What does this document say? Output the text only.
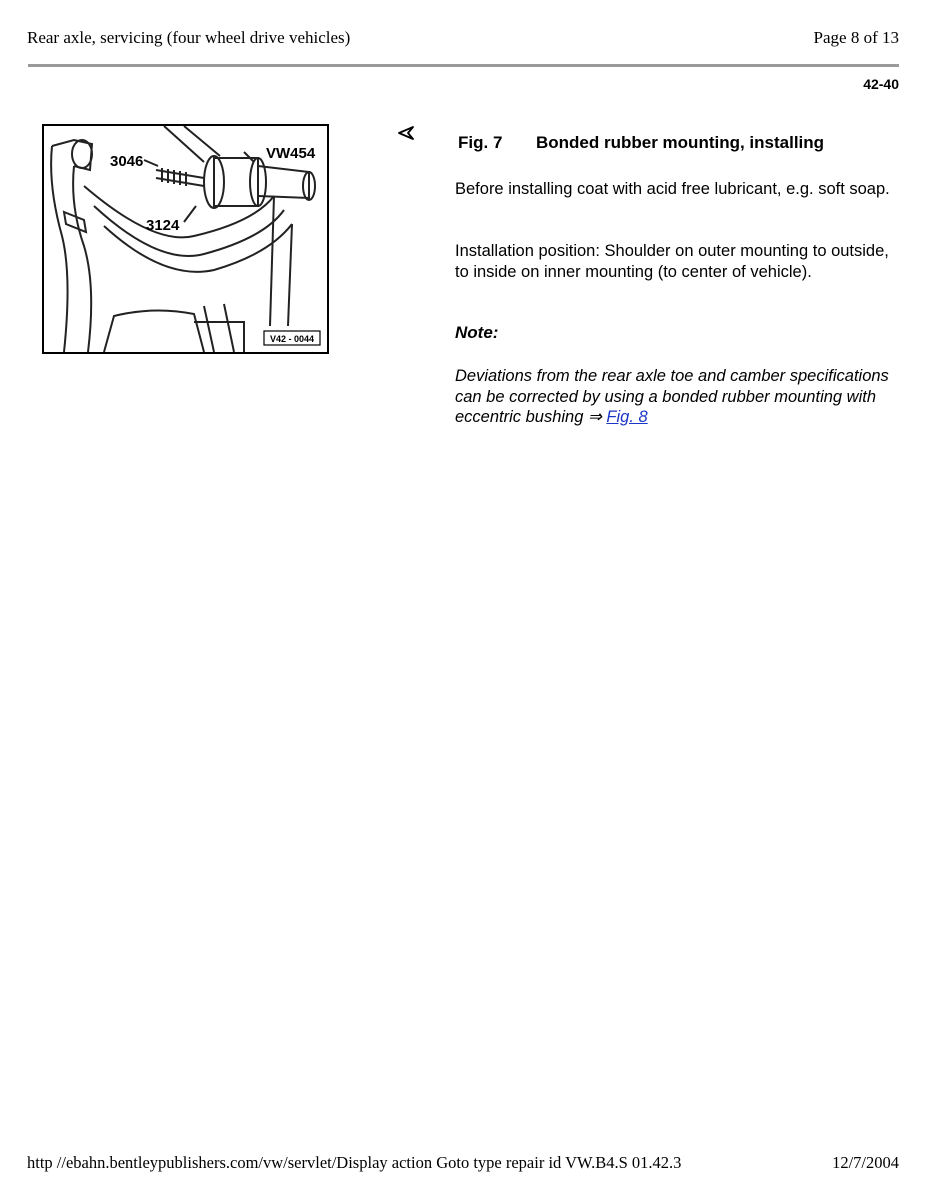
Rear axle, servicing (four wheel drive vehicles)	Page 8 of 13
42-40
3046	VW454
3124
V42 - 0044
Fig. 7 Bonded rubber mounting, installing

Before installing coat with acid free lubricant, e.g. soft soap.

Installation position: Shoulder on outer mounting to outside, to inside on inner mounting (to center of vehicle).

Note:

Deviations from the rear axle toe and camber specifications can be corrected by using a bonded rubber mounting with eccentric bushing ⇒ Fig. 8

http //ebahn.bentleypublishers.com/vw/servlet/Display action Goto type repair id VW.B4.S 01.42.3	12/7/2004
